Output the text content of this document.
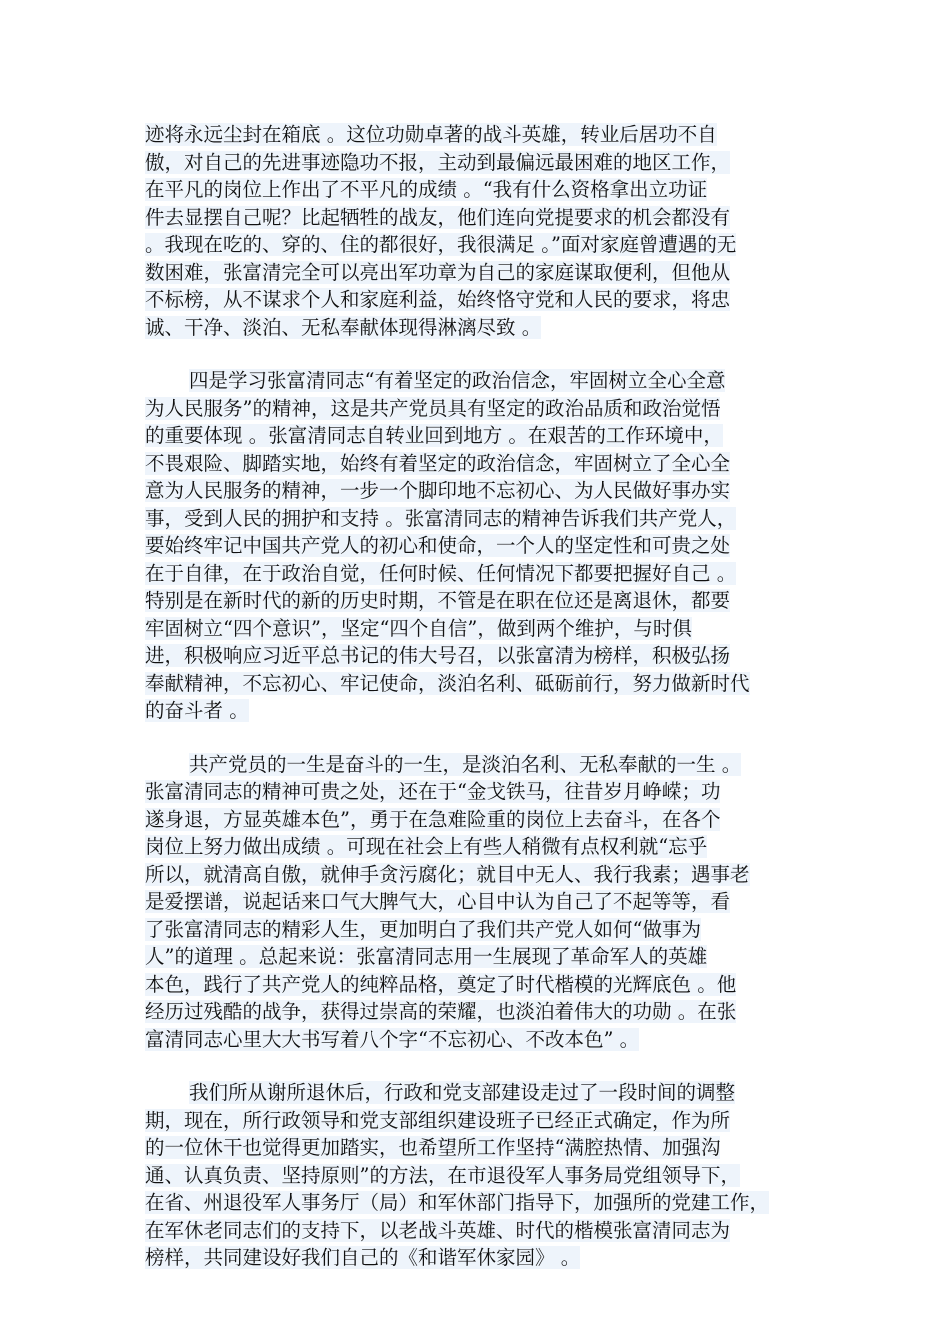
迹将永远尘封在箱底 。这位功勋卓著的战斗英雄，转业后居功不自
傲，对自己的先进事迹隐功不报，主动到最偏远最困难的地区工作，
在平凡的岗位上作出了不平凡的成绩 。“我有什么资格拿出立功证
件去显摆自己呢？比起牺牲的战友，他们连向党提要求的机会都没有
。我现在吃的、穿的、住的都很好，我很满足 。”面对家庭曾遭遇的无
数困难，张富清完全可以亮出军功章为自己的家庭谋取便利，但他从
不标榜，从不谋求个人和家庭利益，始终恪守党和人民的要求，将忠
诚、干净、淡泊、无私奉献体现得淋漓尽致 。
四是学习张富清同志“有着坚定的政治信念，牢固树立全心全意
为人民服务”的精神，这是共产党员具有坚定的政治品质和政治觉悟
的重要体现 。张富清同志自转业回到地方 。在艰苦的工作环境中，
不畏艰险、脚踏实地，始终有着坚定的政治信念，牢固树立了全心全
意为人民服务的精神，一步一个脚印地不忘初心、为人民做好事办实
事，受到人民的拥护和支持 。张富清同志的精神告诉我们共产党人，
要始终牢记中国共产党人的初心和使命，一个人的坚定性和可贵之处
在于自律，在于政治自觉，任何时候、任何情况下都要把握好自己 。
特别是在新时代的新的历史时期，不管是在职在位还是离退休，都要
牢固树立“四个意识”，坚定“四个自信”，做到两个维护，与时俱
进，积极响应习近平总书记的伟大号召，以张富清为榜样，积极弘扬
奉献精神，不忘初心、牢记使命，淡泊名利、砥砺前行，努力做新时代
的奋斗者 。
共产党员的一生是奋斗的一生，是淡泊名利、无私奉献的一生 。
张富清同志的精神可贵之处，还在于“金戈铁马，往昔岁月峥嵘；功
遂身退，方显英雄本色”，勇于在急难险重的岗位上去奋斗，在各个
岗位上努力做出成绩 。可现在社会上有些人稍微有点权利就“忘乎
所以，就清高自傲，就伸手贪污腐化；就目中无人、我行我素；遇事老
是爱摆谱，说起话来口气大脾气大，心目中认为自己了不起等等，看
了张富清同志的精彩人生，更加明白了我们共产党人如何“做事为
人”的道理 。总起来说：张富清同志用一生展现了革命军人的英雄
本色，践行了共产党人的纯粹品格，奠定了时代楷模的光辉底色 。他
经历过残酷的战争，获得过崇高的荣耀，也淡泊着伟大的功勋 。在张
富清同志心里大大书写着八个字“不忘初心、不改本色” 。
我们所从谢所退休后，行政和党支部建设走过了一段时间的调整
期，现在，所行政领导和党支部组织建设班子已经正式确定，作为所
的一位休干也觉得更加踏实，也希望所工作坚持“满腔热情、加强沟
通、认真负责、坚持原则”的方法，在市退役军人事务局党组领导下，
在省、州退役军人事务厅（局）和军休部门指导下，加强所的党建工作，
在军休老同志们的支持下，以老战斗英雄、时代的楷模张富清同志为
榜样，共同建设好我们自己的《和谐军休家园》 。
